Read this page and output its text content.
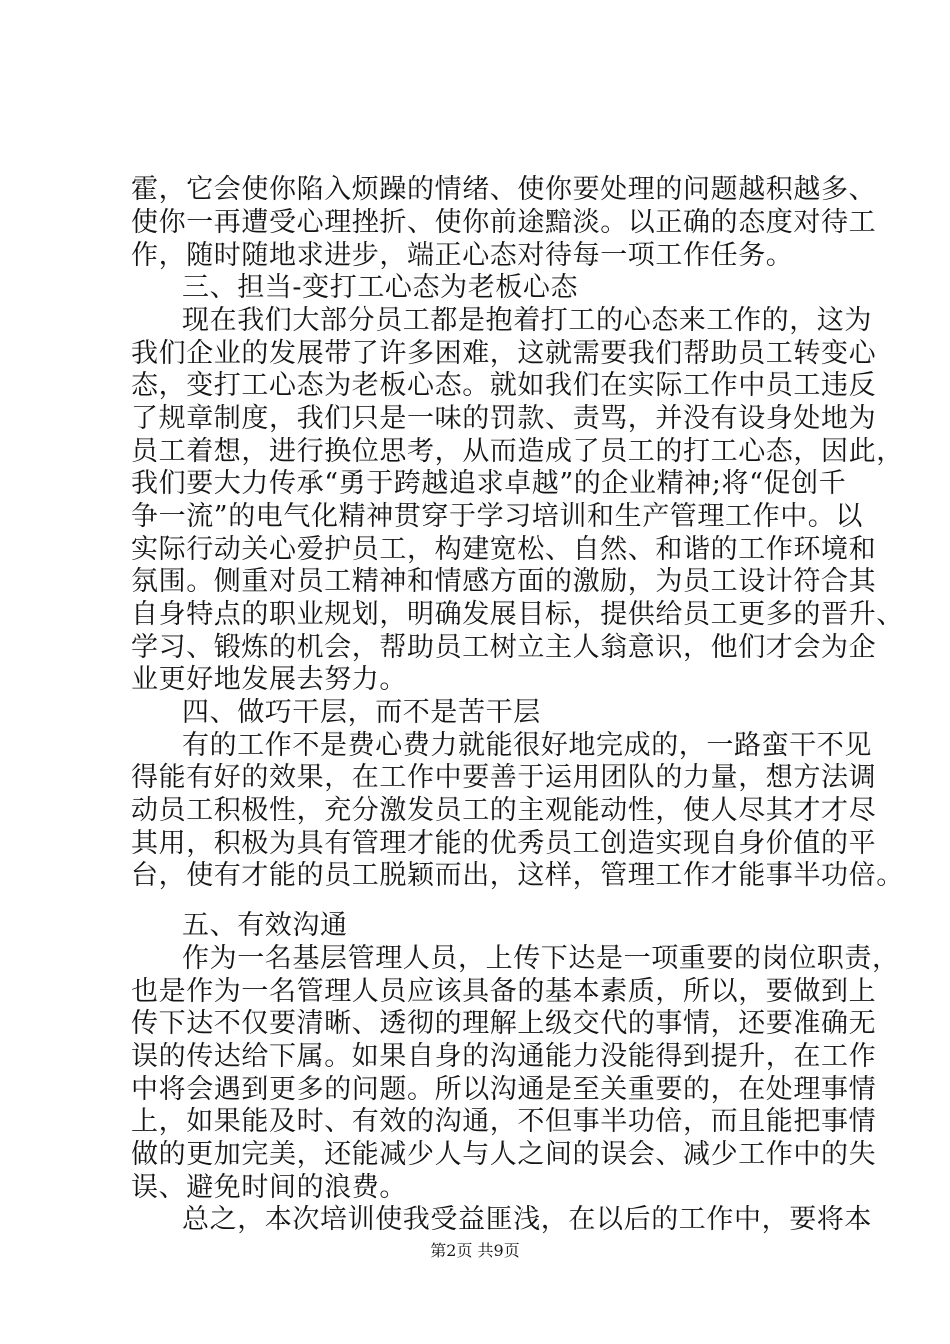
霍，它会使你陷入烦躁的情绪、使你要处理的问题越积越多、
使你一再遭受心理挫折、使你前途黯淡。以正确的态度对待工
作，随时随地求进步，端正心态对待每一项工作任务。
三、担当-变打工心态为老板心态
现在我们大部分员工都是抱着打工的心态来工作的，这为
我们企业的发展带了许多困难，这就需要我们帮助员工转变心
态，变打工心态为老板心态。就如我们在实际工作中员工违反
了规章制度，我们只是一味的罚款、责骂，并没有设身处地为
员工着想，进行换位思考，从而造成了员工的打工心态，因此，
我们要大力传承“勇于跨越追求卓越”的企业精神;将“促创千
争一流”的电气化精神贯穿于学习培训和生产管理工作中。以
实际行动关心爱护员工，构建宽松、自然、和谐的工作环境和
氛围。侧重对员工精神和情感方面的激励，为员工设计符合其
自身特点的职业规划，明确发展目标，提供给员工更多的晋升、
学习、锻炼的机会，帮助员工树立主人翁意识，他们才会为企
业更好地发展去努力。
四、做巧干层，而不是苦干层
有的工作不是费心费力就能很好地完成的，一路蛮干不见
得能有好的效果，在工作中要善于运用团队的力量，想方法调
动员工积极性，充分激发员工的主观能动性，使人尽其才才尽
其用，积极为具有管理才能的优秀员工创造实现自身价值的平
台，使有才能的员工脱颖而出，这样，管理工作才能事半功倍。
五、有效沟通
作为一名基层管理人员，上传下达是一项重要的岗位职责，
也是作为一名管理人员应该具备的基本素质，所以，要做到上
传下达不仅要清晰、透彻的理解上级交代的事情，还要准确无
误的传达给下属。如果自身的沟通能力没能得到提升，在工作
中将会遇到更多的问题。所以沟通是至关重要的，在处理事情
上，如果能及时、有效的沟通，不但事半功倍，而且能把事情
做的更加完美，还能减少人与人之间的误会、减少工作中的失
误、避免时间的浪费。
总之，本次培训使我受益匪浅，在以后的工作中，要将本
第2页 共9页
